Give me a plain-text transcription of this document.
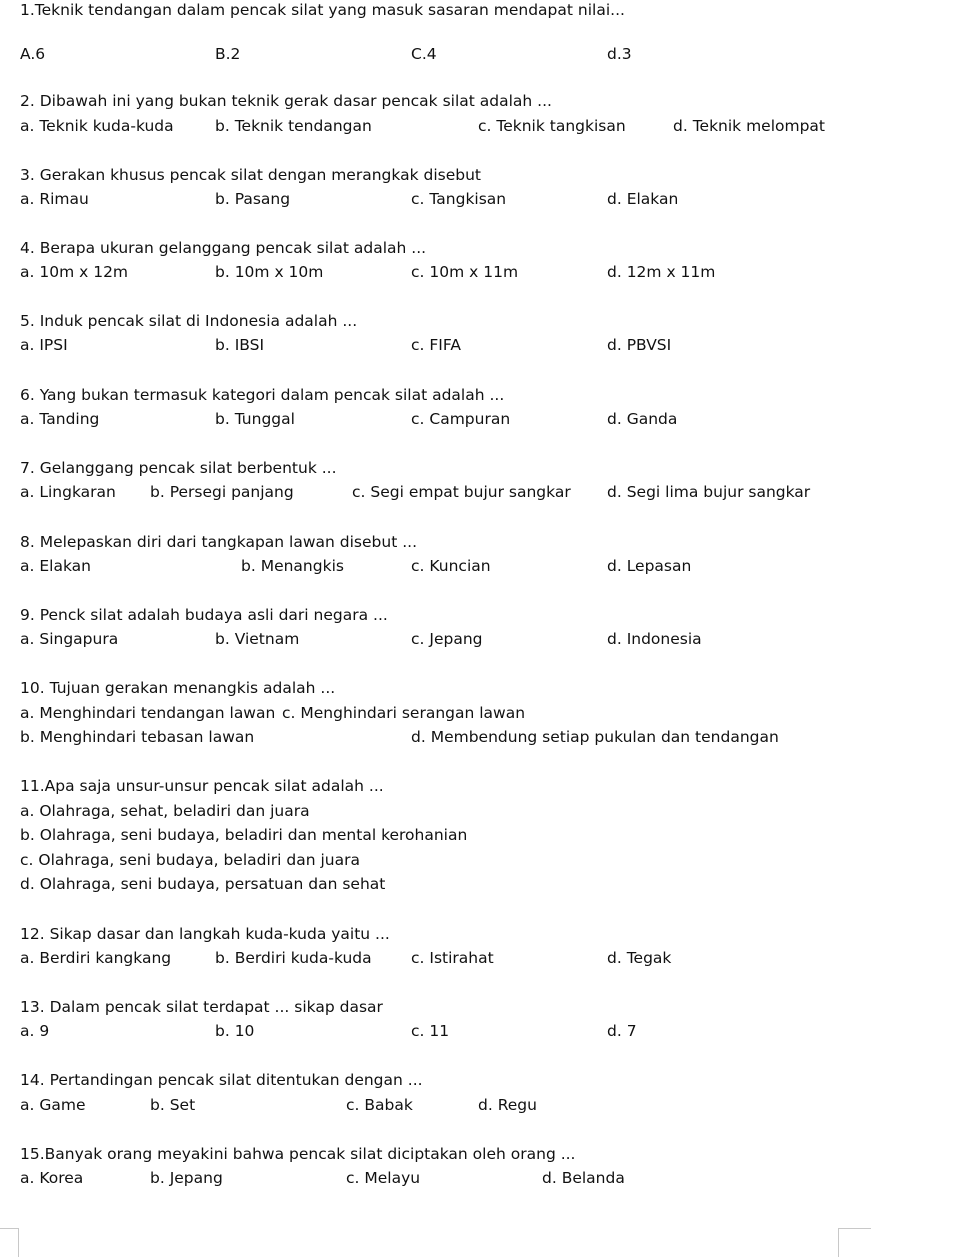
1.Teknik tendangan dalam pencak silat yang masuk sasaran mendapat nilai...
A.6	B.2	C.4	d.3
2. Dibawah ini yang bukan teknik gerak dasar pencak silat adalah ...
a. Teknik kuda-kuda	b. Teknik tendangan	c. Teknik tangkisan	d. Teknik melompat
3. Gerakan khusus pencak silat dengan merangkak disebut
a. Rimau	b. Pasang	c. Tangkisan	d. Elakan
4. Berapa ukuran gelanggang pencak silat adalah ...
a. 10m x 12m	b. 10m x 10m	c. 10m x 11m	d. 12m x 11m
5. Induk pencak silat di Indonesia adalah ...
a. IPSI	b. IBSI	c. FIFA	d. PBVSI
6. Yang bukan termasuk kategori dalam pencak silat adalah ...
a. Tanding	b. Tunggal	c. Campuran	d. Ganda
7. Gelanggang pencak silat berbentuk ...
a. Lingkaran b. Persegi panjang	c. Segi empat bujur sangkar d. Segi lima bujur sangkar
8. Melepaskan diri dari tangkapan lawan disebut ...
a. Elakan	b. Menangkis	c. Kuncian	d. Lepasan
9. Penck silat adalah budaya asli dari negara ...
a. Singapura	b. Vietnam	c. Jepang	d. Indonesia
10. Tujuan gerakan menangkis adalah ...
a. Menghindari tendangan lawan c. Menghindari serangan lawan
b. Menghindari tebasan lawan	d. Membendung setiap pukulan dan tendangan
11.Apa saja unsur-unsur pencak silat adalah ...
a. Olahraga, sehat, beladiri dan juara
b. Olahraga, seni budaya, beladiri dan mental kerohanian
c. Olahraga, seni budaya, beladiri dan juara
d. Olahraga, seni budaya, persatuan dan sehat
12. Sikap dasar dan langkah kuda-kuda yaitu ...
a. Berdiri kangkang	b. Berdiri kuda-kuda	c. Istirahat	d. Tegak
13. Dalam pencak silat terdapat ... sikap dasar
a. 9	b. 10	c. 11	d. 7
14. Pertandingan pencak silat ditentukan dengan ...
a. Game	b. Set	c. Babak	d. Regu
15.Banyak orang meyakini bahwa pencak silat diciptakan oleh orang ...
a. Korea	b. Jepang	c. Melayu	d. Belanda
